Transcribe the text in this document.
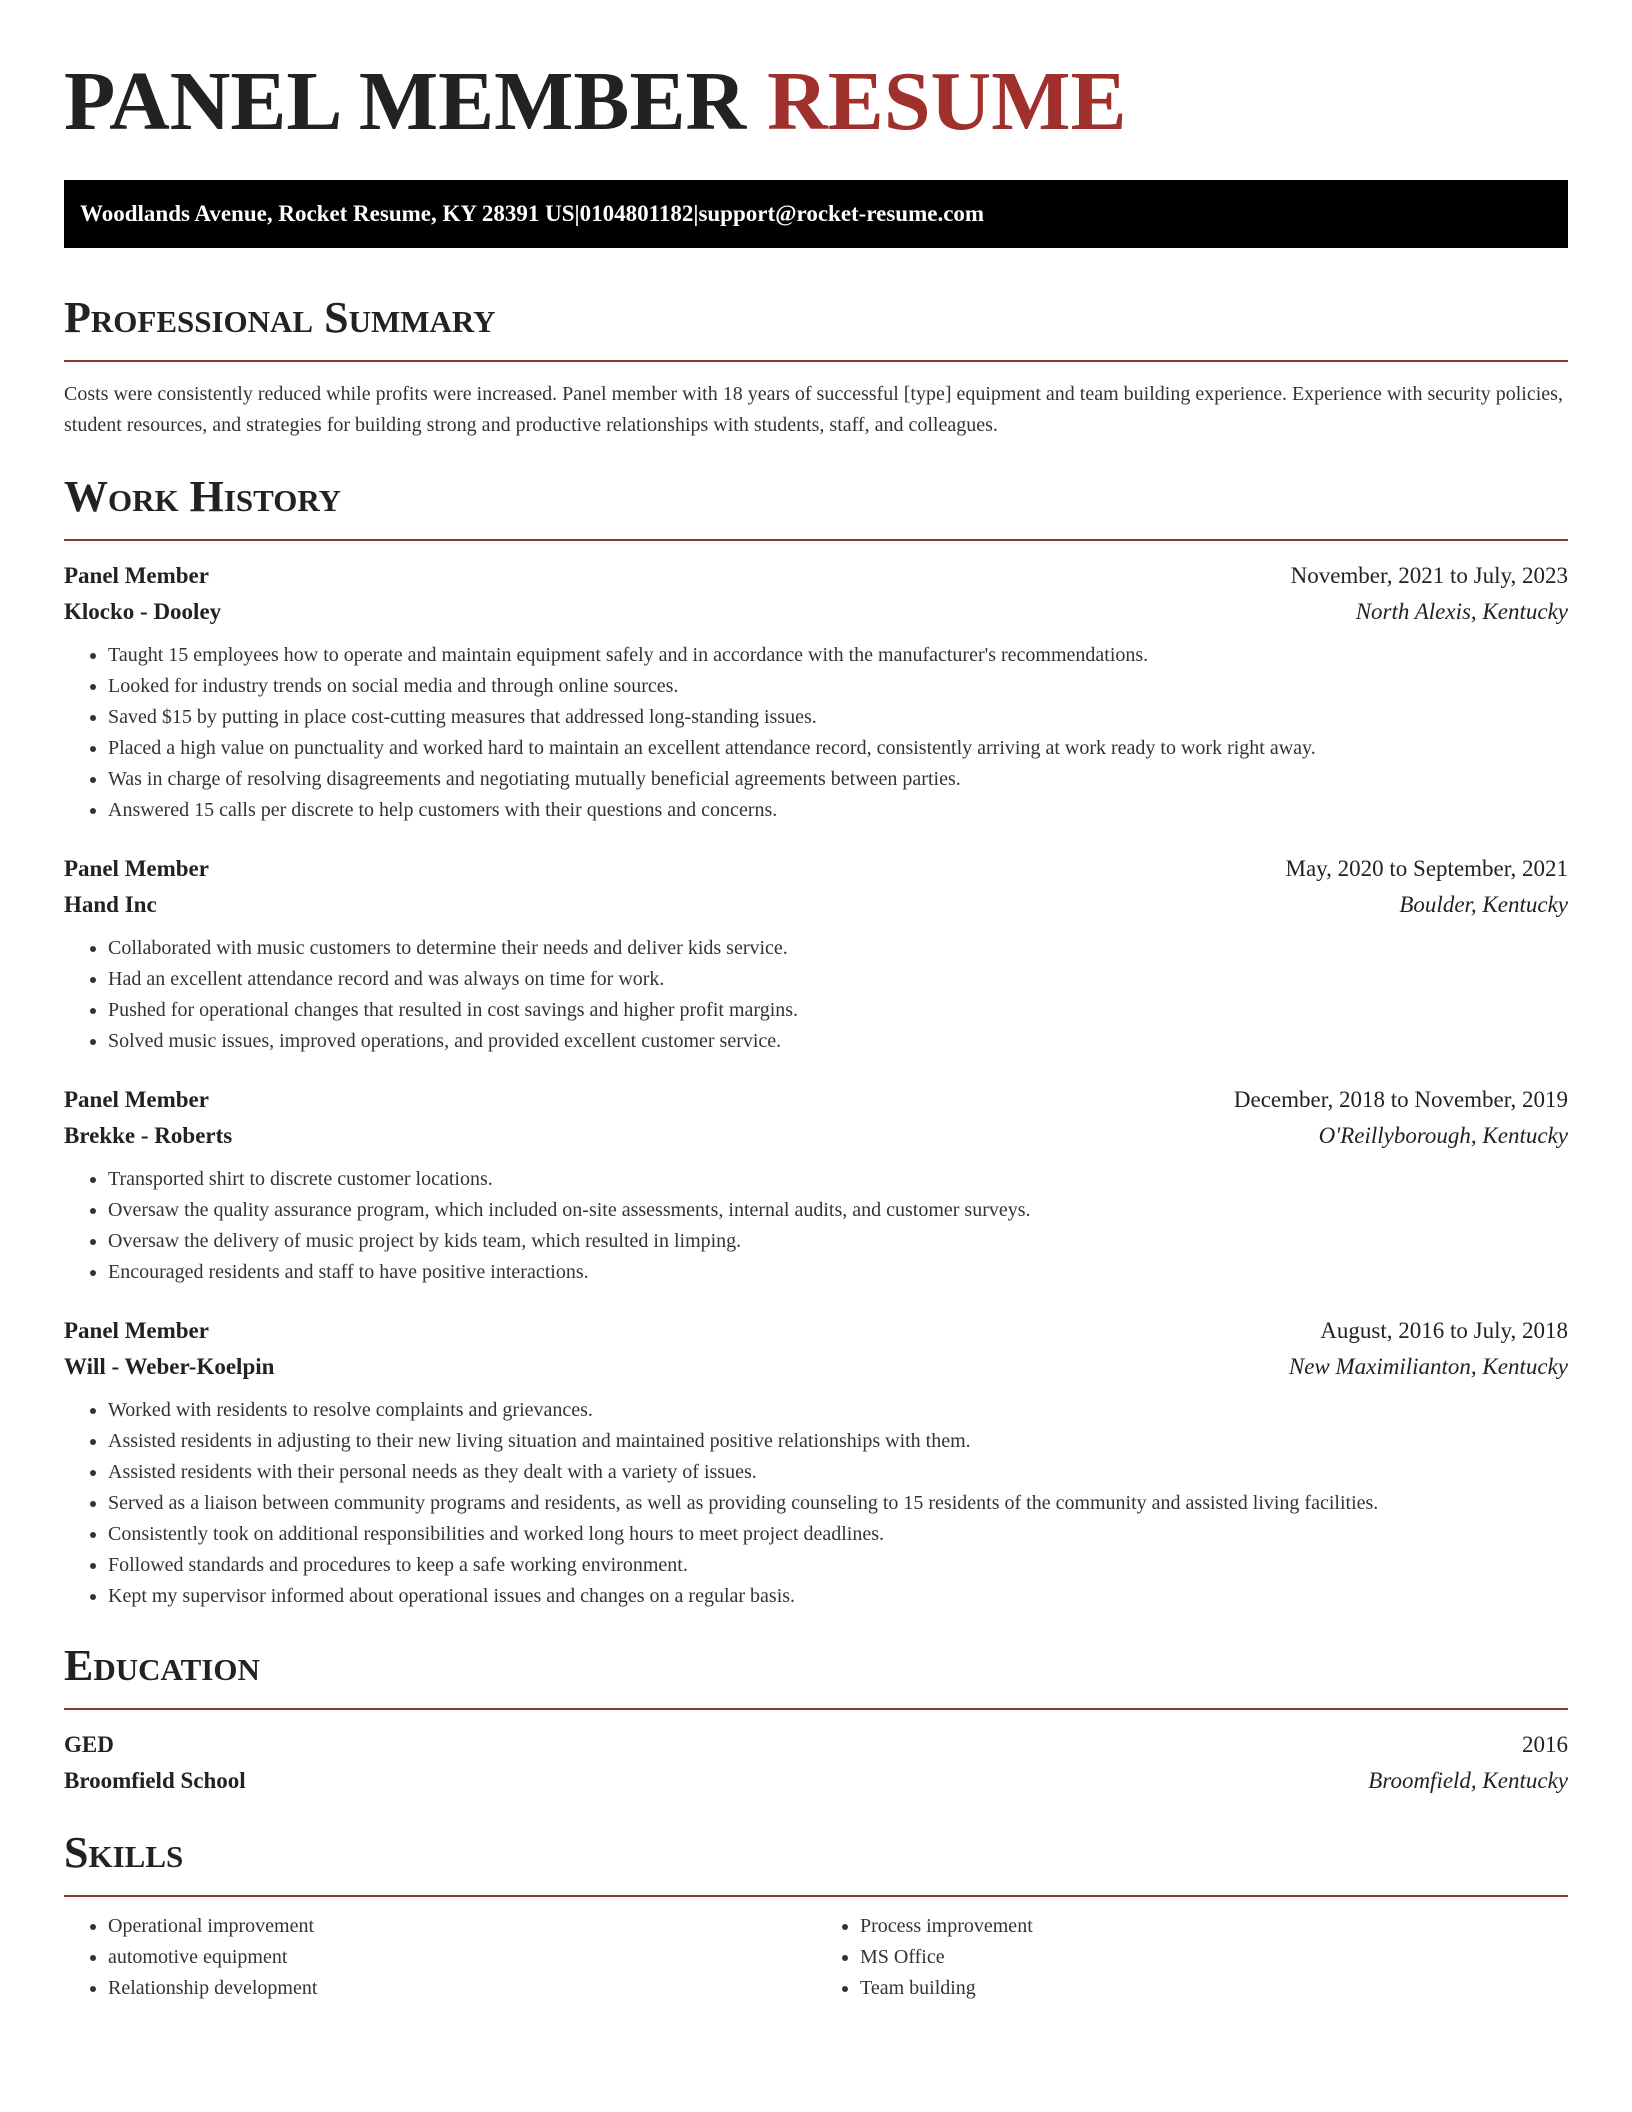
PANEL MEMBER RESUME
Woodlands Avenue, Rocket Resume, KY 28391 US | 0104801182 | support@rocket-resume.com
Professional Summary

Costs were consistently reduced while profits were increased. Panel member with 18 years of successful [type] equipment and team building experience. Experience with security policies, student resources, and strategies for building strong and productive relationships with students, staff, and colleagues.

Work History
Panel Member	November, 2021 to July, 2023
Klocko - Dooley	North Alexis, Kentucky
• Taught 15 employees how to operate and maintain equipment safely and in accordance with the manufacturer's recommendations.
• Looked for industry trends on social media and through online sources.
• Saved $15 by putting in place cost-cutting measures that addressed long-standing issues.
• Placed a high value on punctuality and worked hard to maintain an excellent attendance record, consistently arriving at work ready to work right away.
• Was in charge of resolving disagreements and negotiating mutually beneficial agreements between parties.
• Answered 15 calls per discrete to help customers with their questions and concerns.
Panel Member	May, 2020 to September, 2021
Hand Inc	Boulder, Kentucky
• Collaborated with music customers to determine their needs and deliver kids service.
• Had an excellent attendance record and was always on time for work.
• Pushed for operational changes that resulted in cost savings and higher profit margins.
• Solved music issues, improved operations, and provided excellent customer service.
Panel Member	December, 2018 to November, 2019
Brekke - Roberts	O'Reillyborough, Kentucky
• Transported shirt to discrete customer locations.
• Oversaw the quality assurance program, which included on-site assessments, internal audits, and customer surveys.
• Oversaw the delivery of music project by kids team, which resulted in limping.
• Encouraged residents and staff to have positive interactions.
Panel Member	August, 2016 to July, 2018
Will - Weber-Koelpin	New Maximilianton, Kentucky
• Worked with residents to resolve complaints and grievances.
• Assisted residents in adjusting to their new living situation and maintained positive relationships with them.
• Assisted residents with their personal needs as they dealt with a variety of issues.
• Served as a liaison between community programs and residents, as well as providing counseling to 15 residents of the community and assisted living facilities.
• Consistently took on additional responsibilities and worked long hours to meet project deadlines.
• Followed standards and procedures to keep a safe working environment.
• Kept my supervisor informed about operational issues and changes on a regular basis.
Education
GED	2016
Broomfield School	Broomfield, Kentucky
Skills
• Operational improvement
• automotive equipment
• Relationship development
• Process improvement
• MS Office
• Team building
